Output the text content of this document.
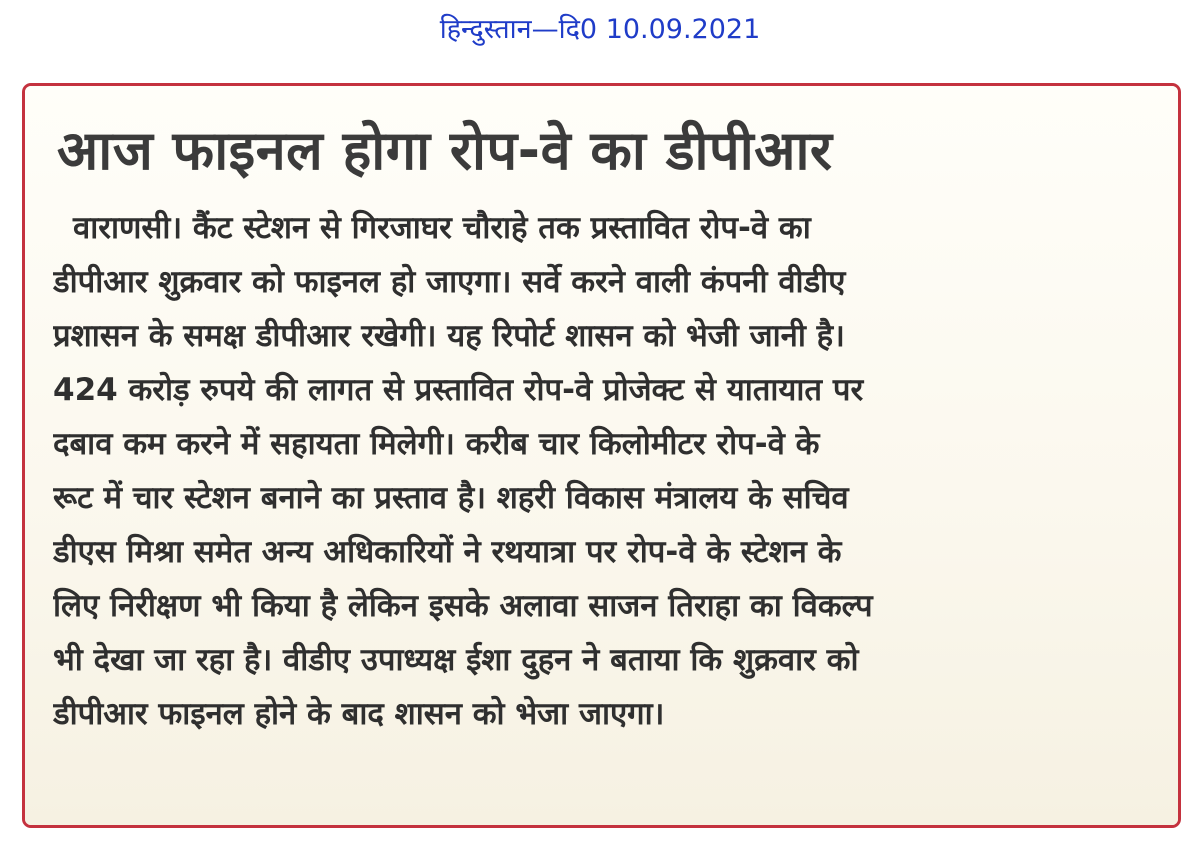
हिन्दुस्तान—दि0 10.09.2021
आज फाइनल होगा रोप-वे का डीपीआर
वाराणसी। कैंट स्टेशन से गिरजाघर चौराहे तक प्रस्तावित रोप-वे का
डीपीआर शुक्रवार को फाइनल हो जाएगा। सर्वे करने वाली कंपनी वीडीए
प्रशासन के समक्ष डीपीआर रखेगी। यह रिपोर्ट शासन को भेजी जानी है।
424 करोड़ रुपये की लागत से प्रस्तावित रोप-वे प्रोजेक्ट से यातायात पर
दबाव कम करने में सहायता मिलेगी। करीब चार किलोमीटर रोप-वे के
रूट में चार स्टेशन बनाने का प्रस्ताव है। शहरी विकास मंत्रालय के सचिव
डीएस मिश्रा समेत अन्य अधिकारियों ने रथयात्रा पर रोप-वे के स्टेशन के
लिए निरीक्षण भी किया है लेकिन इसके अलावा साजन तिराहा का विकल्प
भी देखा जा रहा है। वीडीए उपाध्यक्ष ईशा दुहन ने बताया कि शुक्रवार को
डीपीआर फाइनल होने के बाद शासन को भेजा जाएगा।
